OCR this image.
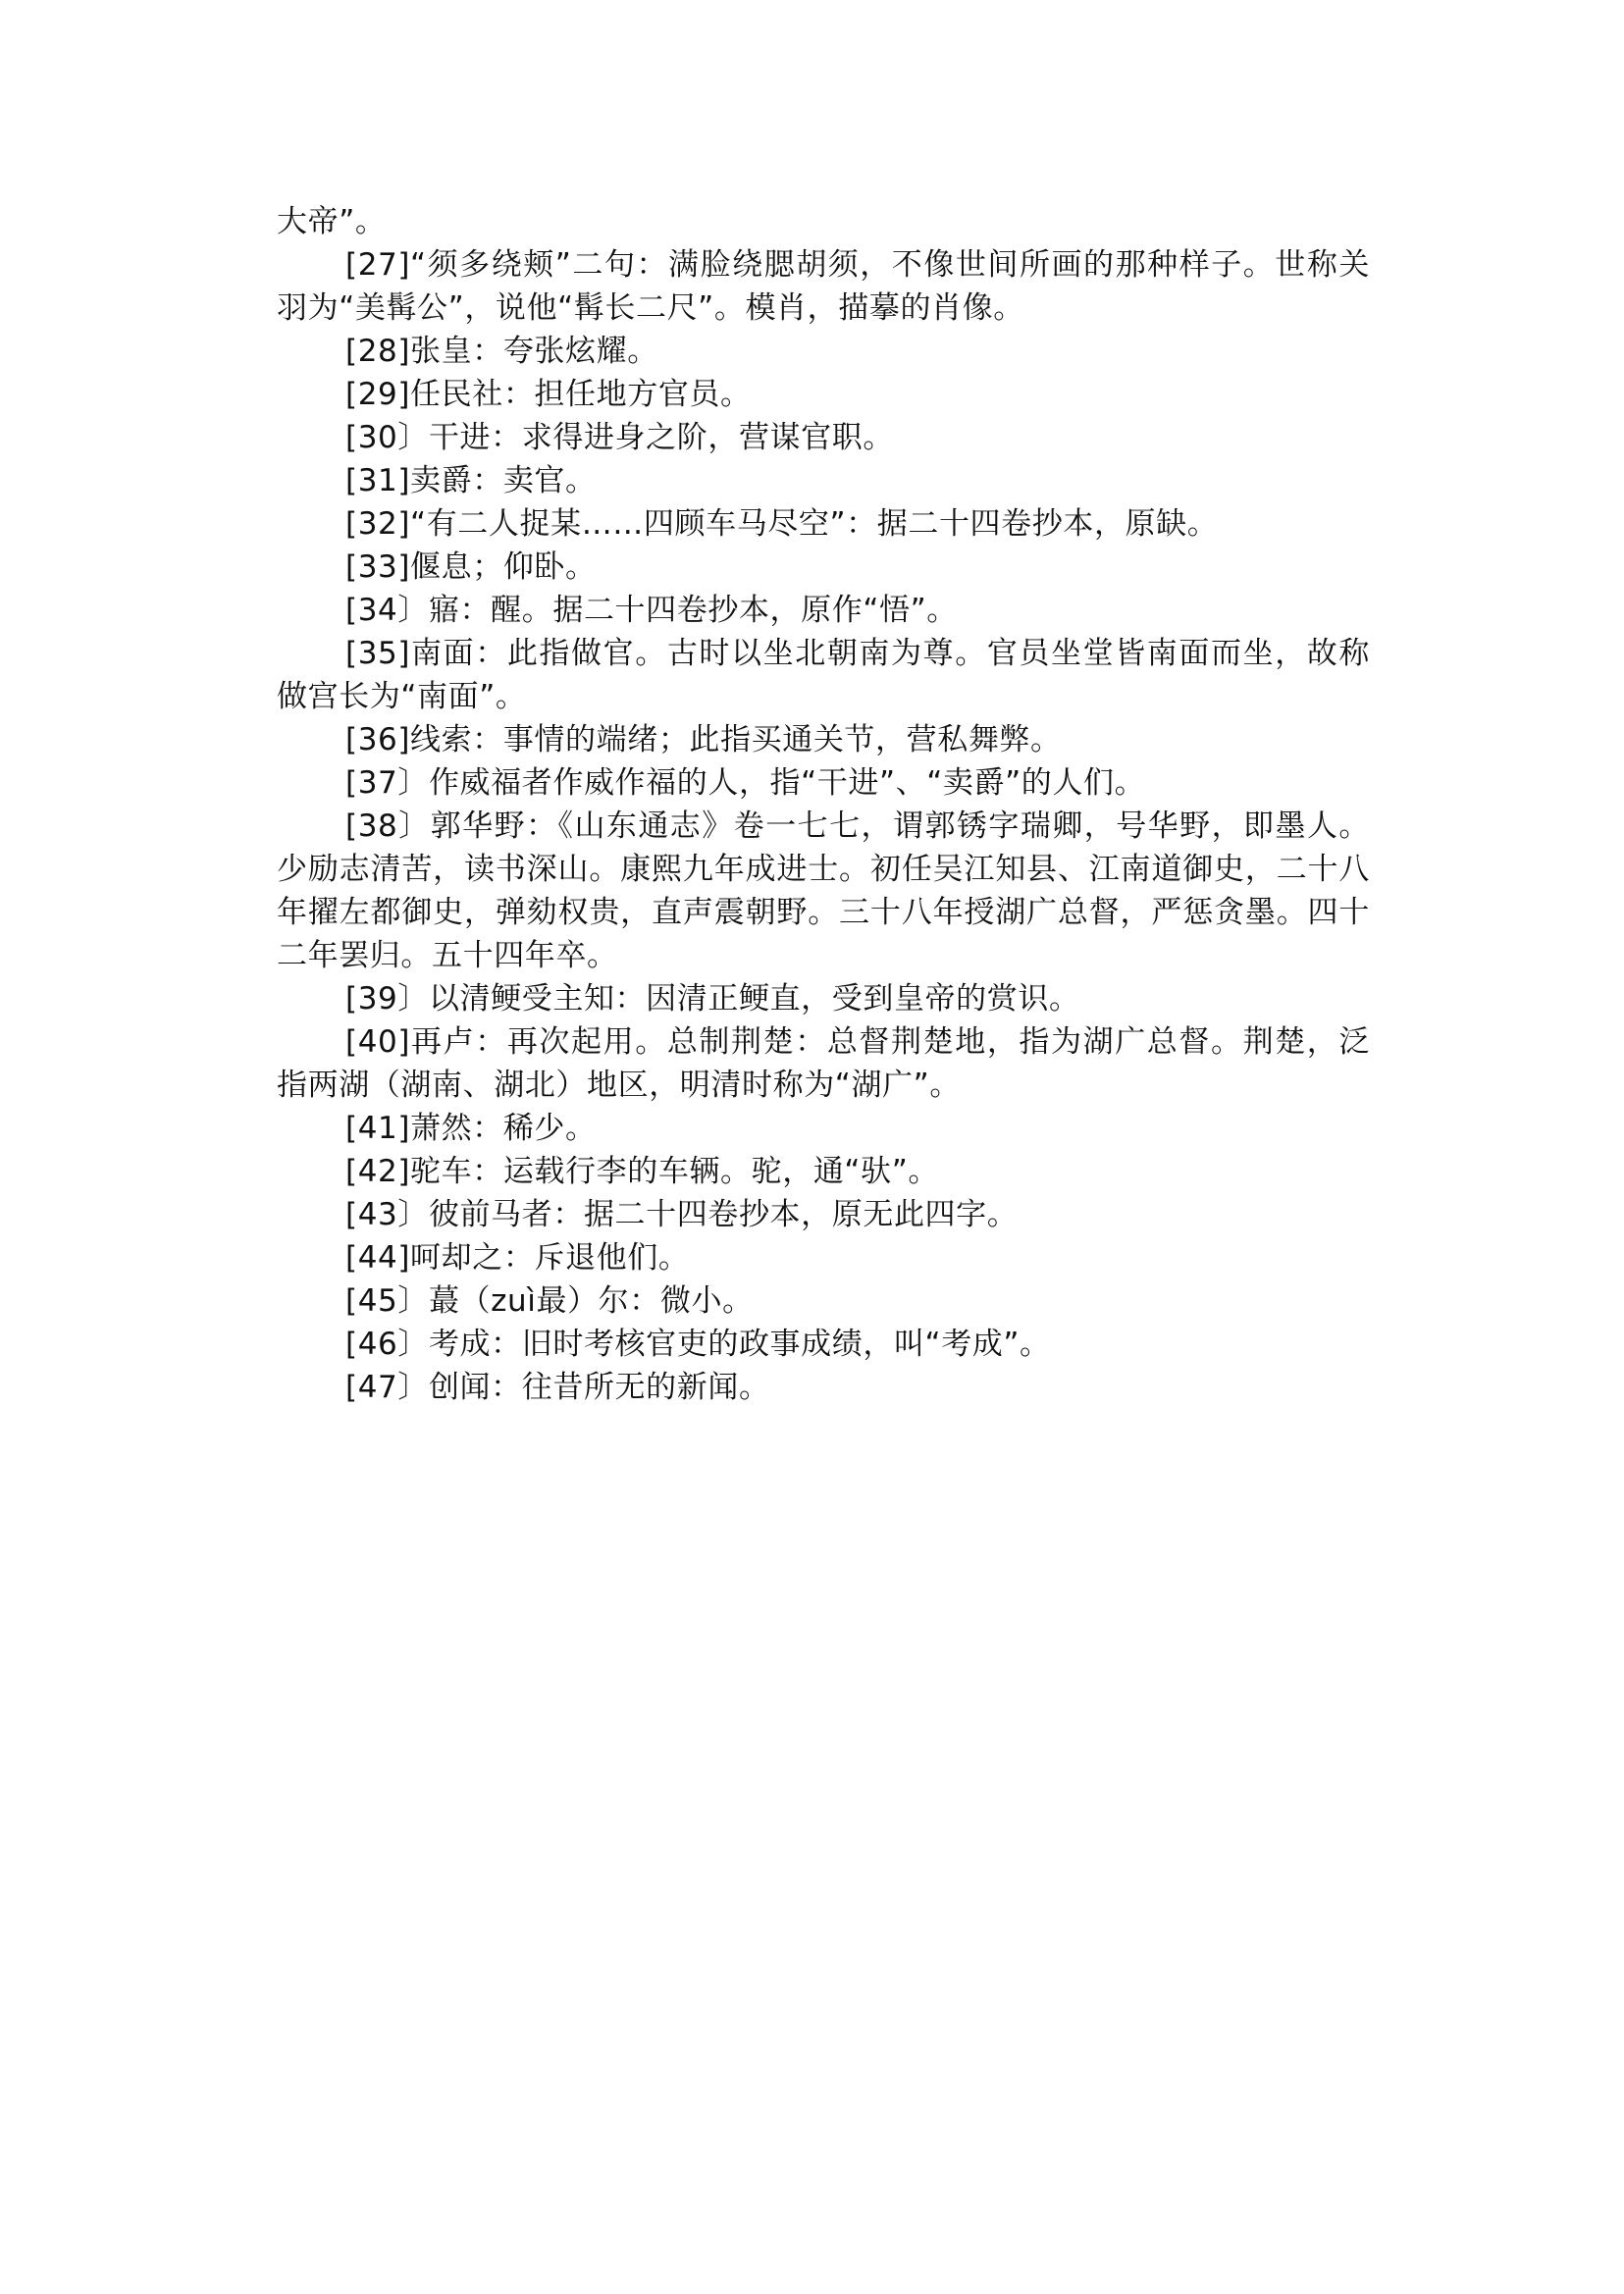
大帝”。

[27]“须多绕颊”二句：满脸绕腮胡须，不像世间所画的那种样子。世称关羽为“美髯公”，说他“髯长二尺”。模肖，描摹的肖像。

[28]张皇：夸张炫耀。

[29]任民社：担任地方官员。

[30〕干进：求得进身之阶，营谋官职。

[31]卖爵：卖官。

[32]“有二人捉某……四顾车马尽空”：据二十四卷抄本，原缺。

[33]偃息；仰卧。

[34〕寤：醒。据二十四卷抄本，原作“悟”。

[35]南面：此指做官。古时以坐北朝南为尊。官员坐堂皆南面而坐，故称做宫长为“南面”。

[36]线索：事情的端绪；此指买通关节，营私舞弊。

[37〕作威福者作威作福的人，指“干进”、“卖爵”的人们。

[38〕郭华野：《山东通志》卷一七七，谓郭锈字瑞卿，号华野，即墨人。少励志清苦，读书深山。康熙九年成进士。初任吴江知县、江南道御史，二十八年擢左都御史，弹劾权贵，直声震朝野。三十八年授湖广总督，严惩贪墨。四十二年罢归。五十四年卒。

[39〕以清鲠受主知：因清正鲠直，受到皇帝的赏识。

[40]再卢：再次起用。总制荆楚：总督荆楚地，指为湖广总督。荆楚，泛指两湖（湖南、湖北）地区，明清时称为“湖广”。

[41]萧然：稀少。

[42]驼车：运载行李的车辆。驼，通“驮”。

[43〕彼前马者：据二十四卷抄本，原无此四字。

[44]呵却之：斥退他们。

[45〕蕞（zuì最）尔：微小。

[46〕考成：旧时考核官吏的政事成绩，叫“考成”。

[47〕创闻：往昔所无的新闻。
